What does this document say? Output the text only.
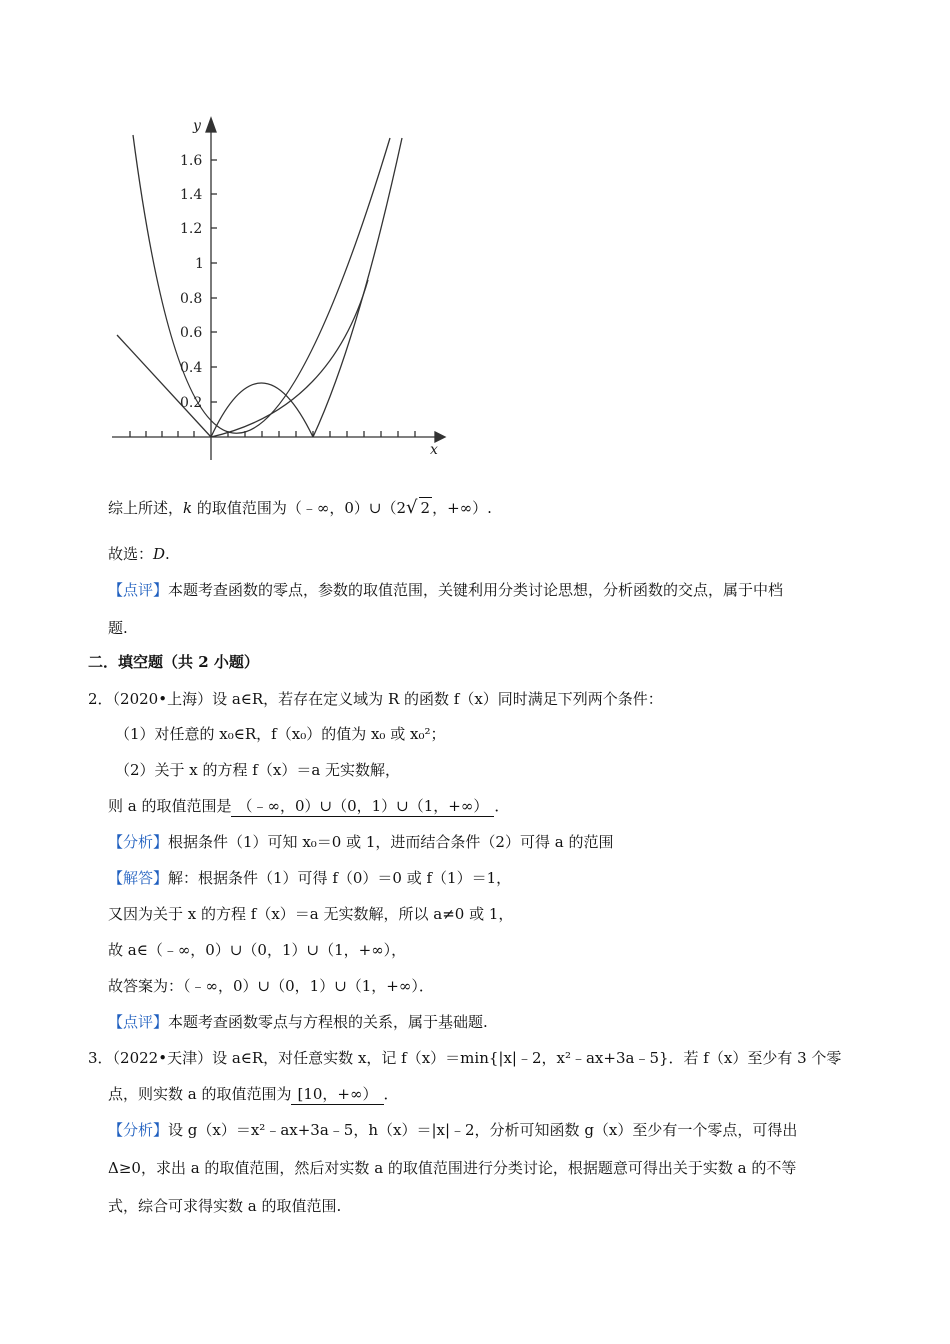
y
x
1.6
1.4
1.2
1
0.8
0.6
0.4
0.2
综上所述，k 的取值范围为（﹣∞，0）∪（2√ 2 ，+∞）.
故选：D.
【点评】本题考查函数的零点，参数的取值范围，关键利用分类讨论思想，分析函数的交点，属于中档
题.
二．填空题（共 2 小题）
2．（2020•上海）设 a∈R，若存在定义域为 R 的函数 f（x）同时满足下列两个条件：
（1）对任意的 x₀∈R，f（x₀）的值为 x₀ 或 x₀²；
（2）关于 x 的方程 f（x）＝a 无实数解，
则 a 的取值范围是 （﹣∞，0）∪（0，1）∪（1，+∞） ．
【分析】根据条件（1）可知 x₀＝0 或 1，进而结合条件（2）可得 a 的范围
【解答】解：根据条件（1）可得 f（0）＝0 或 f（1）＝1，
又因为关于 x 的方程 f（x）＝a 无实数解，所以 a≠0 或 1，
故 a∈（﹣∞，0）∪（0，1）∪（1，+∞），
故答案为：（﹣∞，0）∪（0，1）∪（1，+∞）．
【点评】本题考查函数零点与方程根的关系，属于基础题.
3．（2022•天津）设 a∈R，对任意实数 x，记 f（x）＝min{|x|﹣2，x²﹣ax+3a﹣5}．若 f（x）至少有 3 个零
点，则实数 a 的取值范围为 [10，+∞） ．
【分析】设 g（x）＝x²﹣ax+3a﹣5，h（x）＝|x|﹣2，分析可知函数 g（x）至少有一个零点，可得出
Δ≥0，求出 a 的取值范围，然后对实数 a 的取值范围进行分类讨论，根据题意可得出关于实数 a 的不等
式，综合可求得实数 a 的取值范围.
